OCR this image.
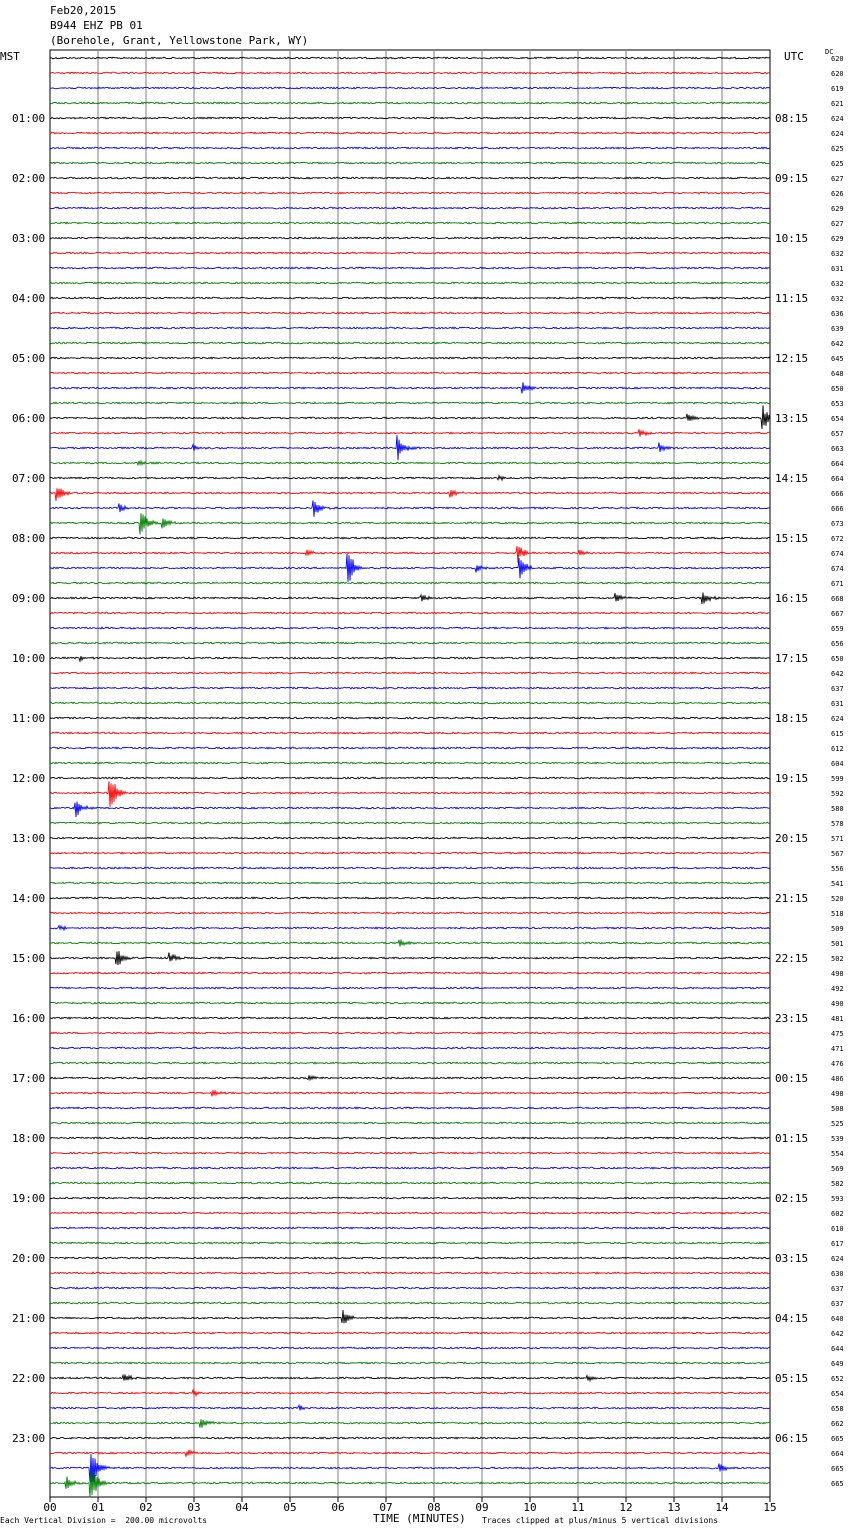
Feb20,2015
B944 EHZ PB 01
(Borehole, Grant, Yellowstone Park, WY)
MST	UTC	DC
00	01	02	03	04	05	06	07	08	09	10	11	12	13	14	15
620
620
619
621
624
624
625
625
627
626
629
627
629
632
631
632
632
636
639
642
645
648
650
653
654
657
663
664
664
666
666
673
672
674
674
671
668
667
659
656
650
642
637
631
624
615
612
604
599
592
580
578
571
567
556
541
520
518
509
501
502
498
492
490
481
475
471
476
486
498
508
525
539
554
569
582
593
602
610
617
624
630
637
637
640
642
644
649
652
654
658
662
665
664
665
665
01:00
02:00
03:00
04:00
05:00
06:00
07:00
08:00
09:00
10:00
11:00
12:00
13:00
14:00
15:00
16:00
17:00
18:00
19:00
20:00
21:00
22:00
23:00
08:15
09:15
10:15
11:15
12:15
13:15
14:15
15:15
16:15
17:15
18:15
19:15
20:15
21:15
22:15
23:15
00:15
01:15
02:15
03:15
04:15
05:15
06:15
Each Vertical Division =  200.00 microvolts	TIME (MINUTES) Traces clipped at plus/minus 5 vertical divisions
